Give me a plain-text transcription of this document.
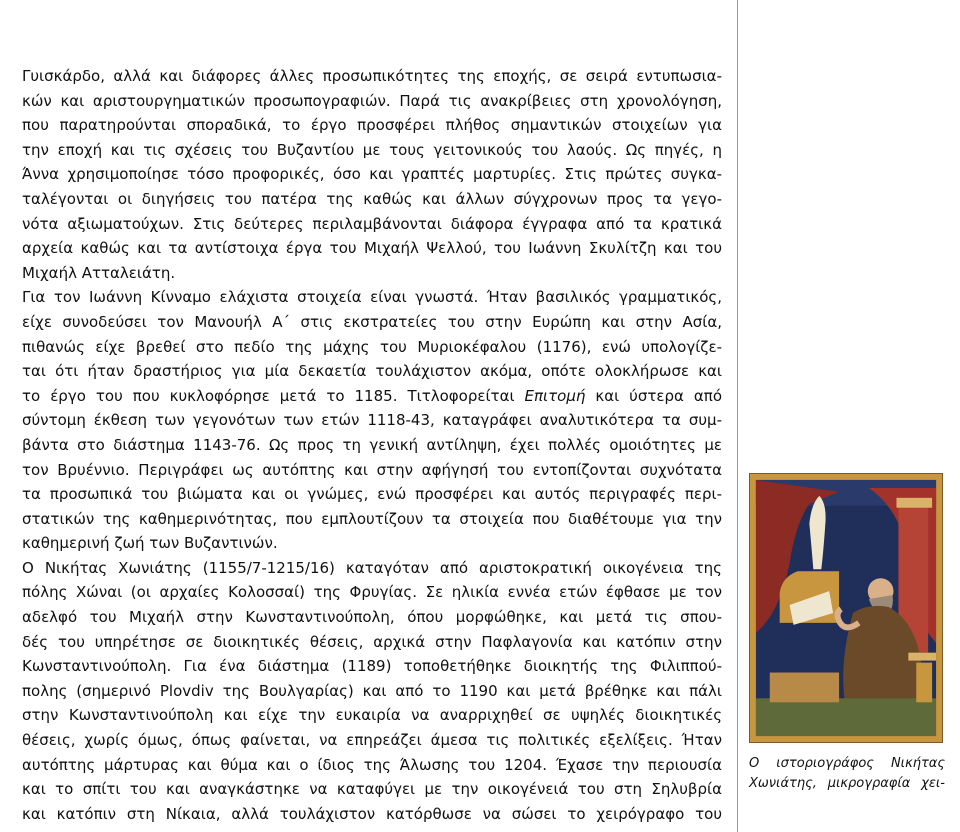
Γυισκάρδο, αλλά και διάφορες άλλες προσωπικότητες της εποχής, σε σειρά εντυπωσια-
κών και αριστουργηματικών προσωπογραφιών. Παρά τις ανακρίβειες στη χρονολόγηση,
που παρατηρούνται σποραδικά, το έργο προσφέρει πλήθος σημαντικών στοιχείων για
την εποχή και τις σχέσεις του Βυζαντίου με τους γειτονικούς του λαούς. Ως πηγές, η
Άννα χρησιμοποίησε τόσο προφορικές, όσο και γραπτές μαρτυρίες. Στις πρώτες συγκα-
ταλέγονται οι διηγήσεις του πατέρα της καθώς και άλλων σύγχρονων προς τα γεγο-
νότα αξιωματούχων. Στις δεύτερες περιλαμβάνονται διάφορα έγγραφα από τα κρατικά
αρχεία καθώς και τα αντίστοιχα έργα του Μιχαήλ Ψελλού, του Ιωάννη Σκυλίτζη και του
Μιχαήλ Ατταλειάτη.
Για τον Ιωάννη Κίνναμο ελάχιστα στοιχεία είναι γνωστά. Ήταν βασιλικός γραμματικός,
είχε συνοδεύσει τον Μανουήλ Α΄ στις εκστρατείες του στην Ευρώπη και στην Ασία,
πιθανώς είχε βρεθεί στο πεδίο της μάχης του Μυριοκέφαλου (1176), ενώ υπολογίζε-
ται ότι ήταν δραστήριος για μία δεκαετία τουλάχιστον ακόμα, οπότε ολοκλήρωσε και
το έργο του που κυκλοφόρησε μετά το 1185. Τιτλοφορείται Επιτομή και ύστερα από
σύντομη έκθεση των γεγονότων των ετών 1118-43, καταγράφει αναλυτικότερα τα συμ-
βάντα στο διάστημα 1143-76. Ως προς τη γενική αντίληψη, έχει πολλές ομοιότητες με
τον Βρυέννιο. Περιγράφει ως αυτόπτης και στην αφήγησή του εντοπίζονται συχνότατα
τα προσωπικά του βιώματα και οι γνώμες, ενώ προσφέρει και αυτός περιγραφές περι-
στατικών της καθημερινότητας, που εμπλουτίζουν τα στοιχεία που διαθέτουμε για την
καθημερινή ζωή των Βυζαντινών.
Ο Νικήτας Χωνιάτης (1155/7-1215/16) καταγόταν από αριστοκρατική οικογένεια της
πόλης Χώναι (οι αρχαίες Κολοσσαί) της Φρυγίας. Σε ηλικία εννέα ετών έφθασε με τον
αδελφό του Μιχαήλ στην Κωνσταντινούπολη, όπου μορφώθηκε, και μετά τις σπου-
δές του υπηρέτησε σε διοικητικές θέσεις, αρχικά στην Παφλαγονία και κατόπιν στην
Κωνσταντινούπολη. Για ένα διάστημα (1189) τοποθετήθηκε διοικητής της Φιλιππού-
πολης (σημερινό Plovdiv της Βουλγαρίας) και από το 1190 και μετά βρέθηκε και πάλι
στην Κωνσταντινούπολη και είχε την ευκαιρία να αναρριχηθεί σε υψηλές διοικητικές
θέσεις, χωρίς όμως, όπως φαίνεται, να επηρεάζει άμεσα τις πολιτικές εξελίξεις. Ήταν
αυτόπτης μάρτυρας και θύμα και ο ίδιος της Άλωσης του 1204. Έχασε την περιουσία
και το σπίτι του και αναγκάστηκε να καταφύγει με την οικογένειά του στη Σηλυβρία
και κατόπιν στη Νίκαια, αλλά τουλάχιστον κατόρθωσε να σώσει το χειρόγραφο του
Ο ιστοριογράφος Νικήτας
Χωνιάτης, μικρογραφία χει-
